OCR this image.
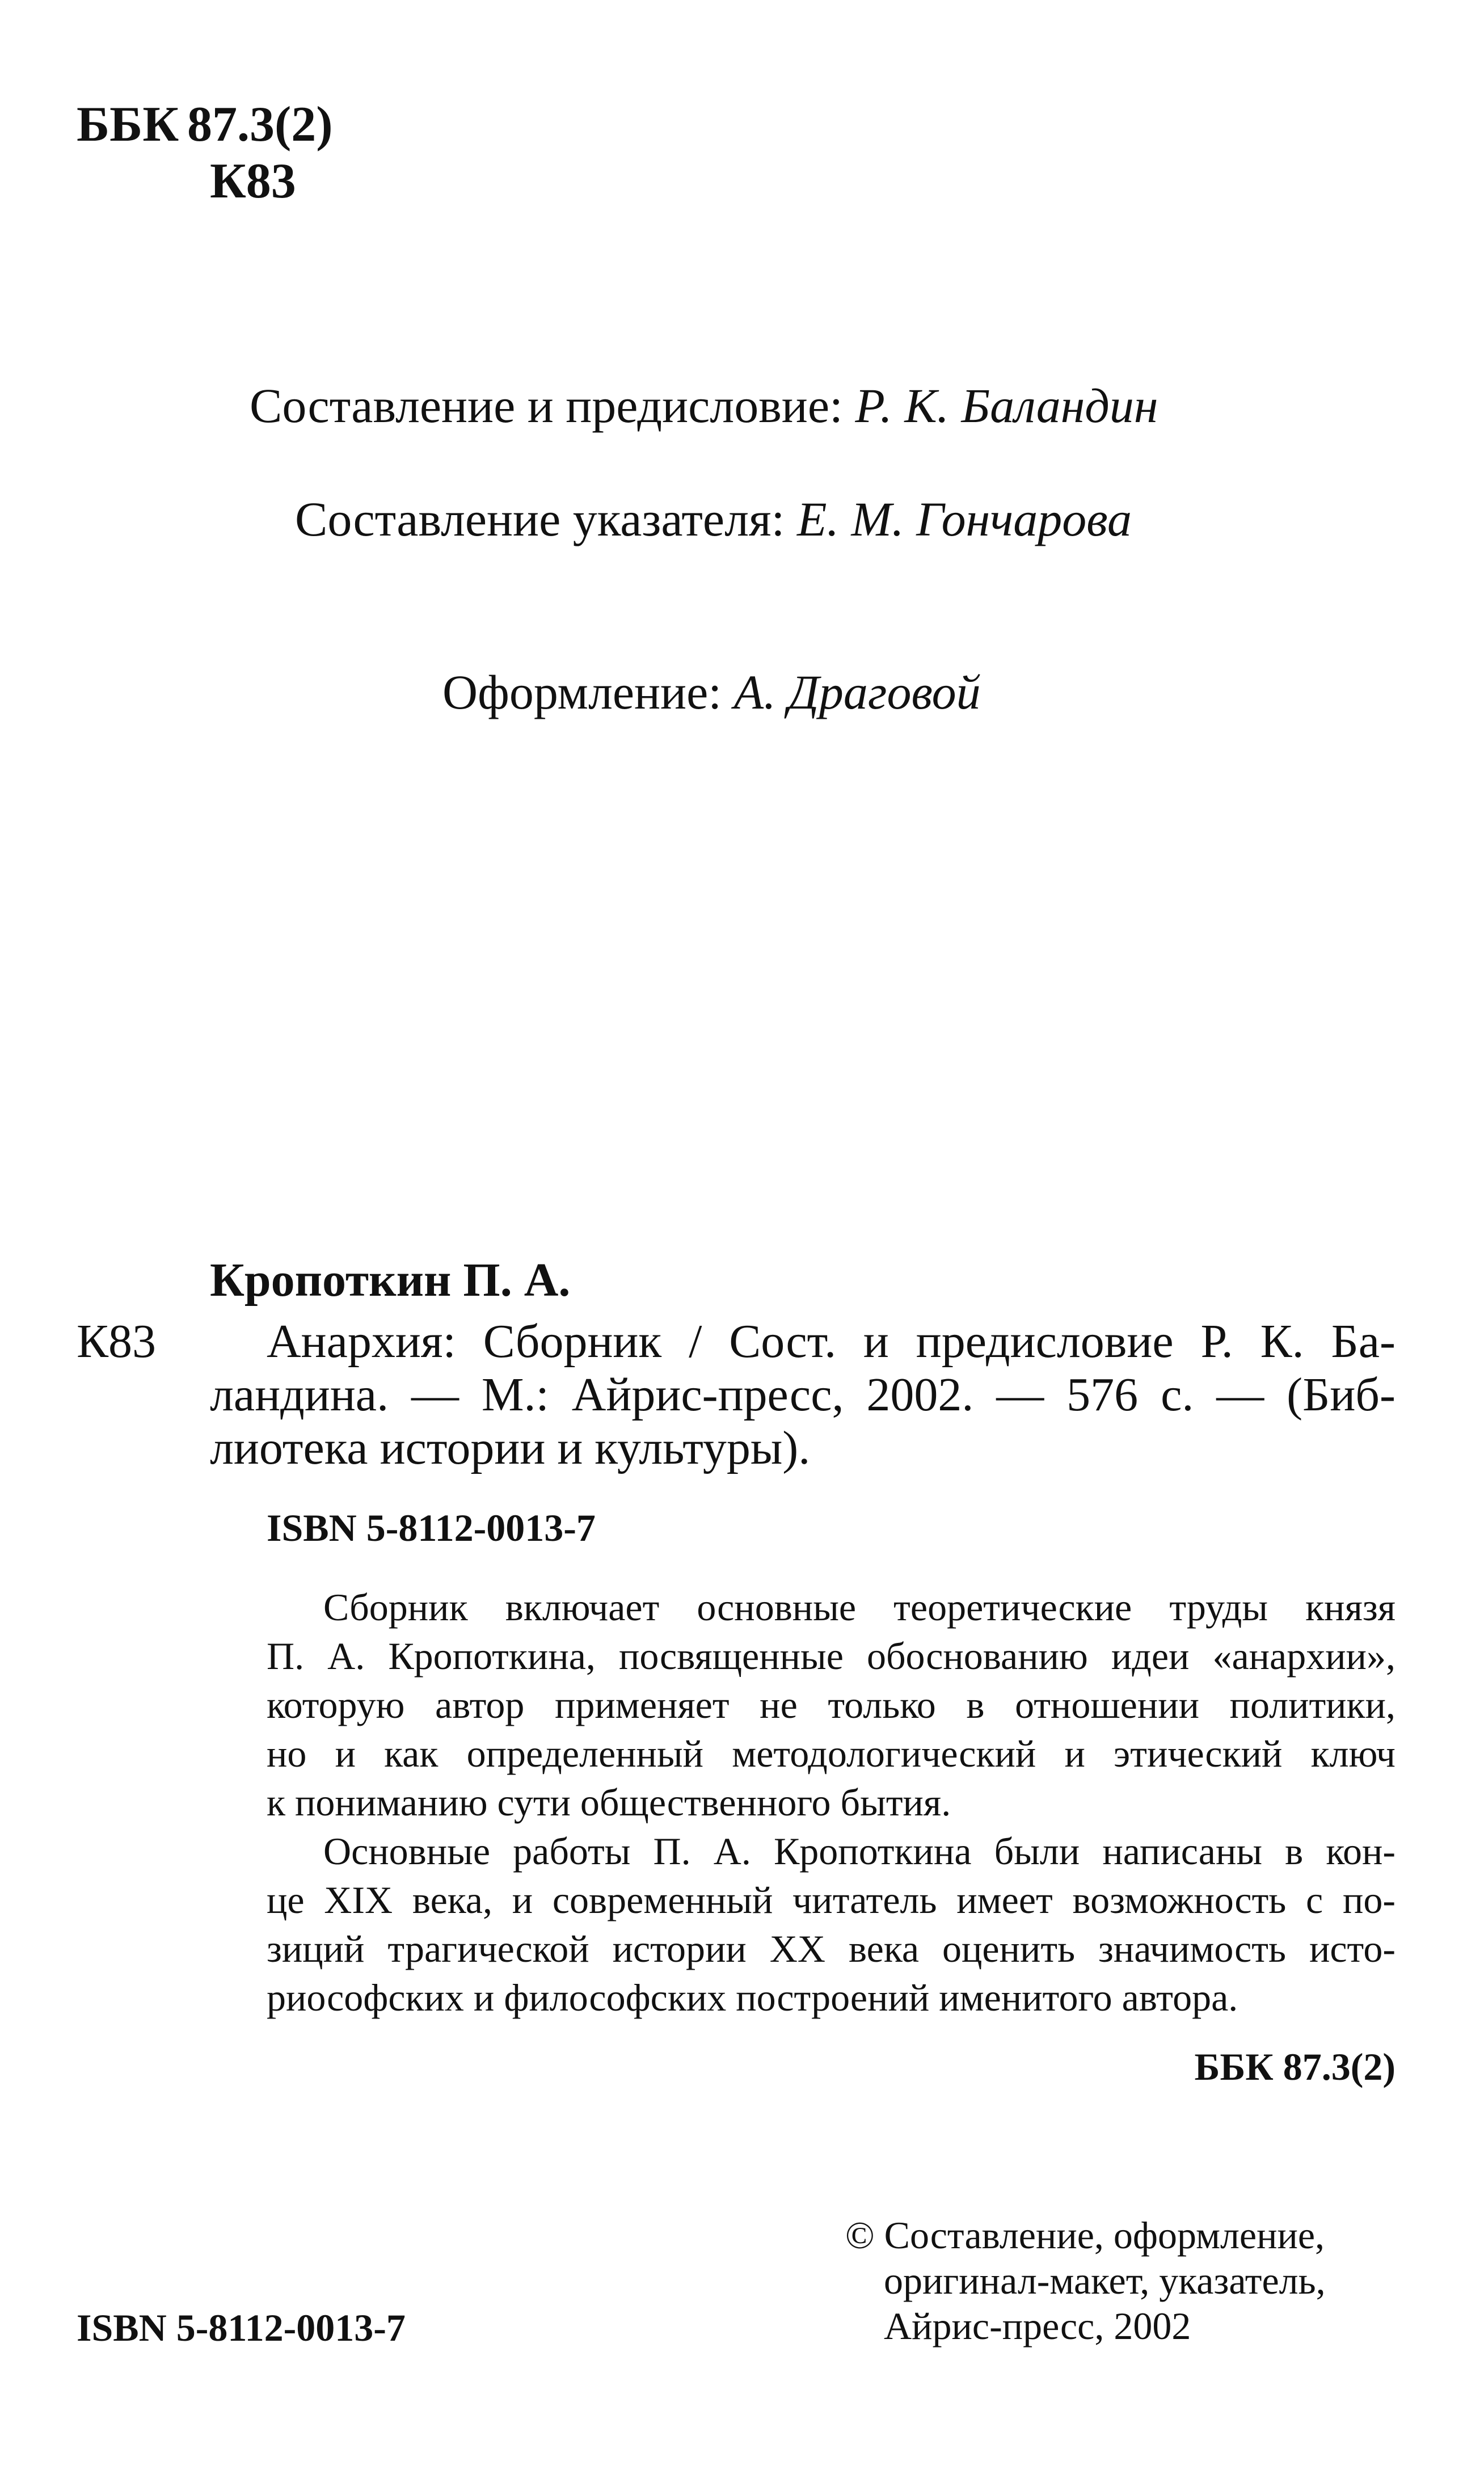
ББК 87.3(2)
К83
Составление и предисловие: Р. К. Баландин
Составление указателя: Е. М. Гончарова
Оформление: А. Драговой
Кропоткин П. А.
К83 Анархия: Сборник / Сост. и предисловие Р. К. Ба-
ландина. — М.: Айрис-пресс, 2002. — 576 с. — (Биб-
лиотека истории и культуры).
ISBN 5-8112-0013-7
Сборник включает основные теоретические труды князя
П. А. Кропоткина, посвященные обоснованию идеи «анархии»,
которую автор применяет не только в отношении политики,
но и как определенный методологический и этический ключ
к пониманию сути общественного бытия.
Основные работы П. А. Кропоткина были написаны в кон-
це XIX века, и современный читатель имеет возможность с по-
зиций трагической истории XX века оценить значимость исто-
риософских и философских построений именитого автора.
ББК 87.3(2)
ISBN 5-8112-0013-7
© Составление, оформление,
оригинал-макет, указатель,
Айрис-пресс, 2002
